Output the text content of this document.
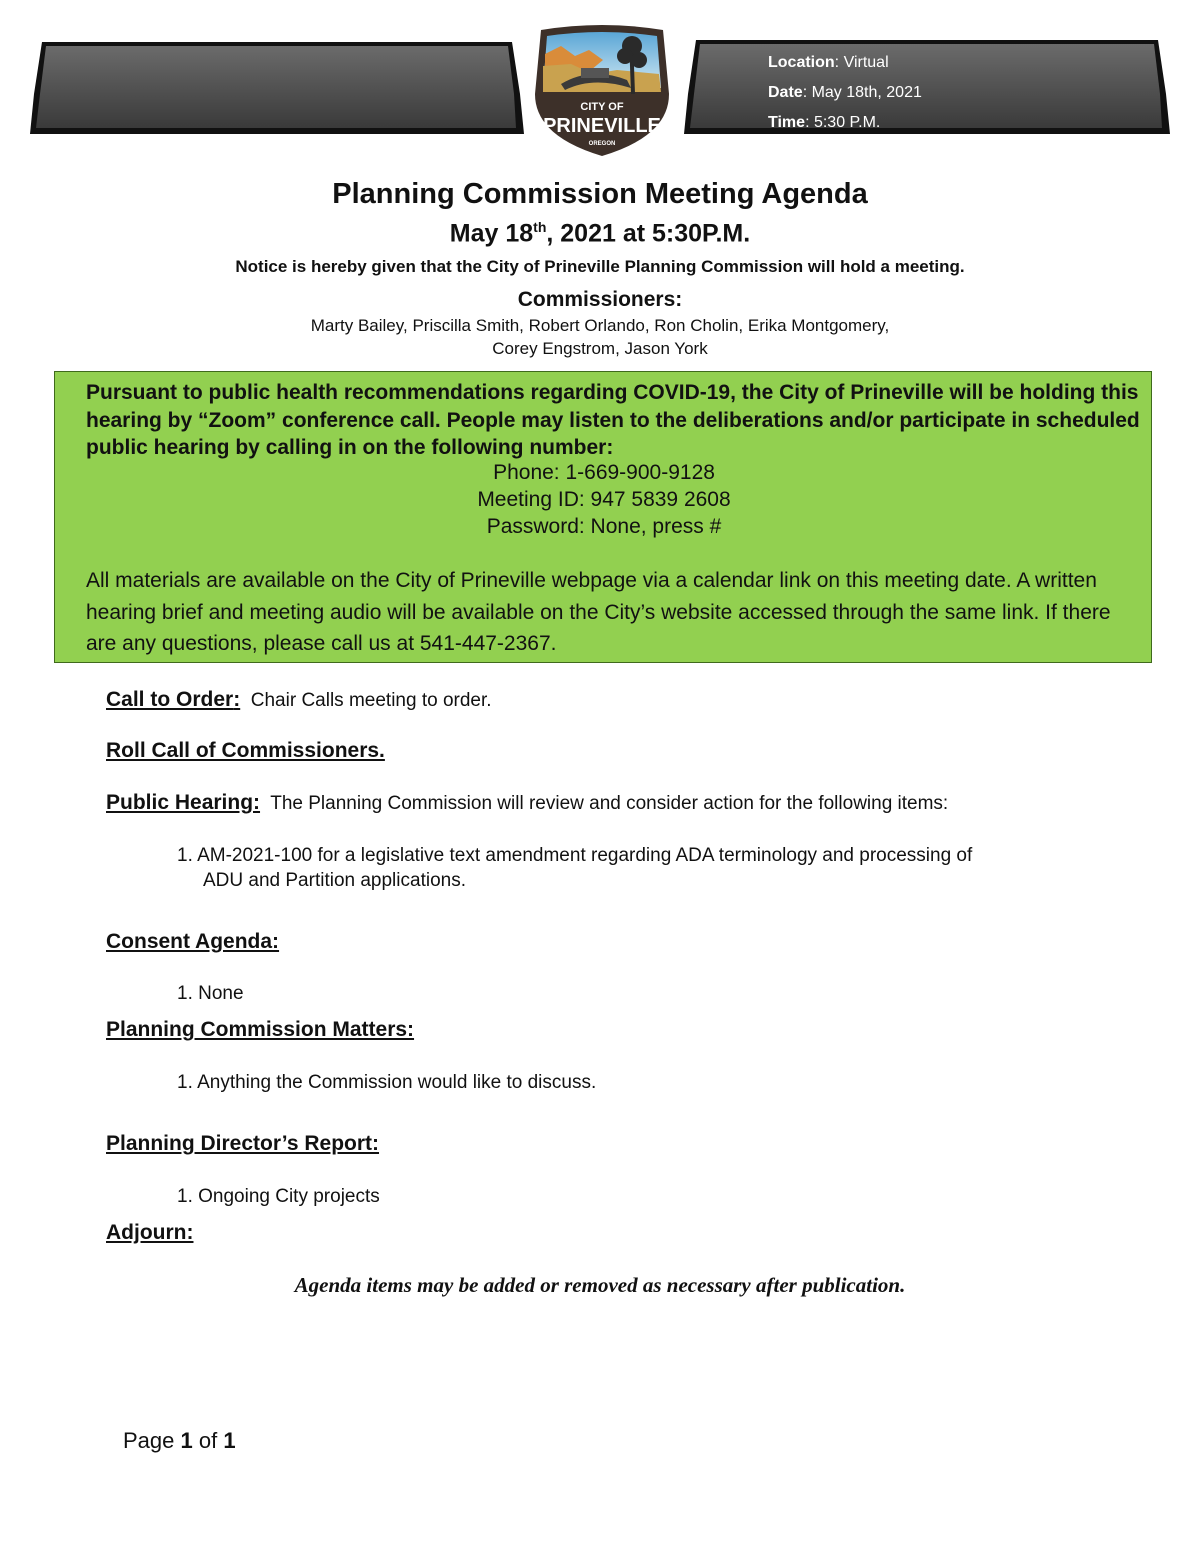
Location: Virtual
Date: May 18th, 2021
Time: 5:30 P.M.
CITY OF
PRINEVILLE
OREGON
Planning Commission Meeting Agenda
May 18th, 2021 at 5:30P.M.
Notice is hereby given that the City of Prineville Planning Commission will hold a meeting.
Commissioners:
Marty Bailey, Priscilla Smith, Robert Orlando, Ron Cholin, Erika Montgomery,
Corey Engstrom, Jason York
Pursuant to public health recommendations regarding COVID-19, the City of Prineville will be holding this hearing by “Zoom” conference call. People may listen to the deliberations and/or participate in scheduled public hearing by calling in on the following number:
Phone: 1-669-900-9128
Meeting ID: 947 5839 2608
Password: None, press #
All materials are available on the City of Prineville webpage via a calendar link on this meeting date. A written hearing brief and meeting audio will be available on the City’s website accessed through the same link. If there are any questions, please call us at 541-447-2367.
Call to Order:  Chair Calls meeting to order.
Roll Call of Commissioners.
Public Hearing:  The Planning Commission will review and consider action for the following items:
1. AM-2021-100 for a legislative text amendment regarding ADA terminology and processing of
ADU and Partition applications.
Consent Agenda:
1. None
Planning Commission Matters:
1. Anything the Commission would like to discuss.
Planning Director’s Report:
1. Ongoing City projects
Adjourn:
Agenda items may be added or removed as necessary after publication.
Page 1 of 1
